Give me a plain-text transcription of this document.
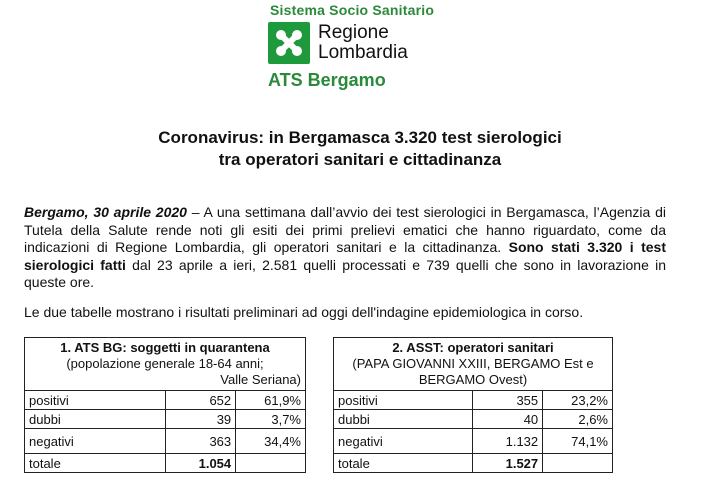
Sistema Socio Sanitario
Regione
Lombardia
ATS Bergamo
Coronavirus: in Bergamasca 3.320 test sierologici
tra operatori sanitari e cittadinanza
Bergamo, 30 aprile 2020 – A una settimana dall’avvio dei test sierologici in Bergamasca, l’Agenzia di Tutela della Salute rende noti gli esiti dei primi prelievi ematici che hanno riguardato, come da indicazioni di Regione Lombardia, gli operatori sanitari e la cittadinanza. Sono stati 3.320 i test sierologici fatti dal 23 aprile a ieri, 2.581 quelli processati e 739 quelli che sono in lavorazione in queste ore.
Le due tabelle mostrano i risultati preliminari ad oggi dell'indagine epidemiologica in corso.
1. ATS BG: soggetti in quarantena
(popolazione generale 18-64 anni;
Valle Seriana)		

positivi	652	61,9%
dubbi	39	3,7%
negativi	363	34,4%
totale	1.054	
2. ASST: operatori sanitari
(PAPA GIOVANNI XXIII, BERGAMO Est e
BERGAMO Ovest)		

positivi	355	23,2%
dubbi	40	2,6%
negativi	1.132	74,1%
totale	1.527	
